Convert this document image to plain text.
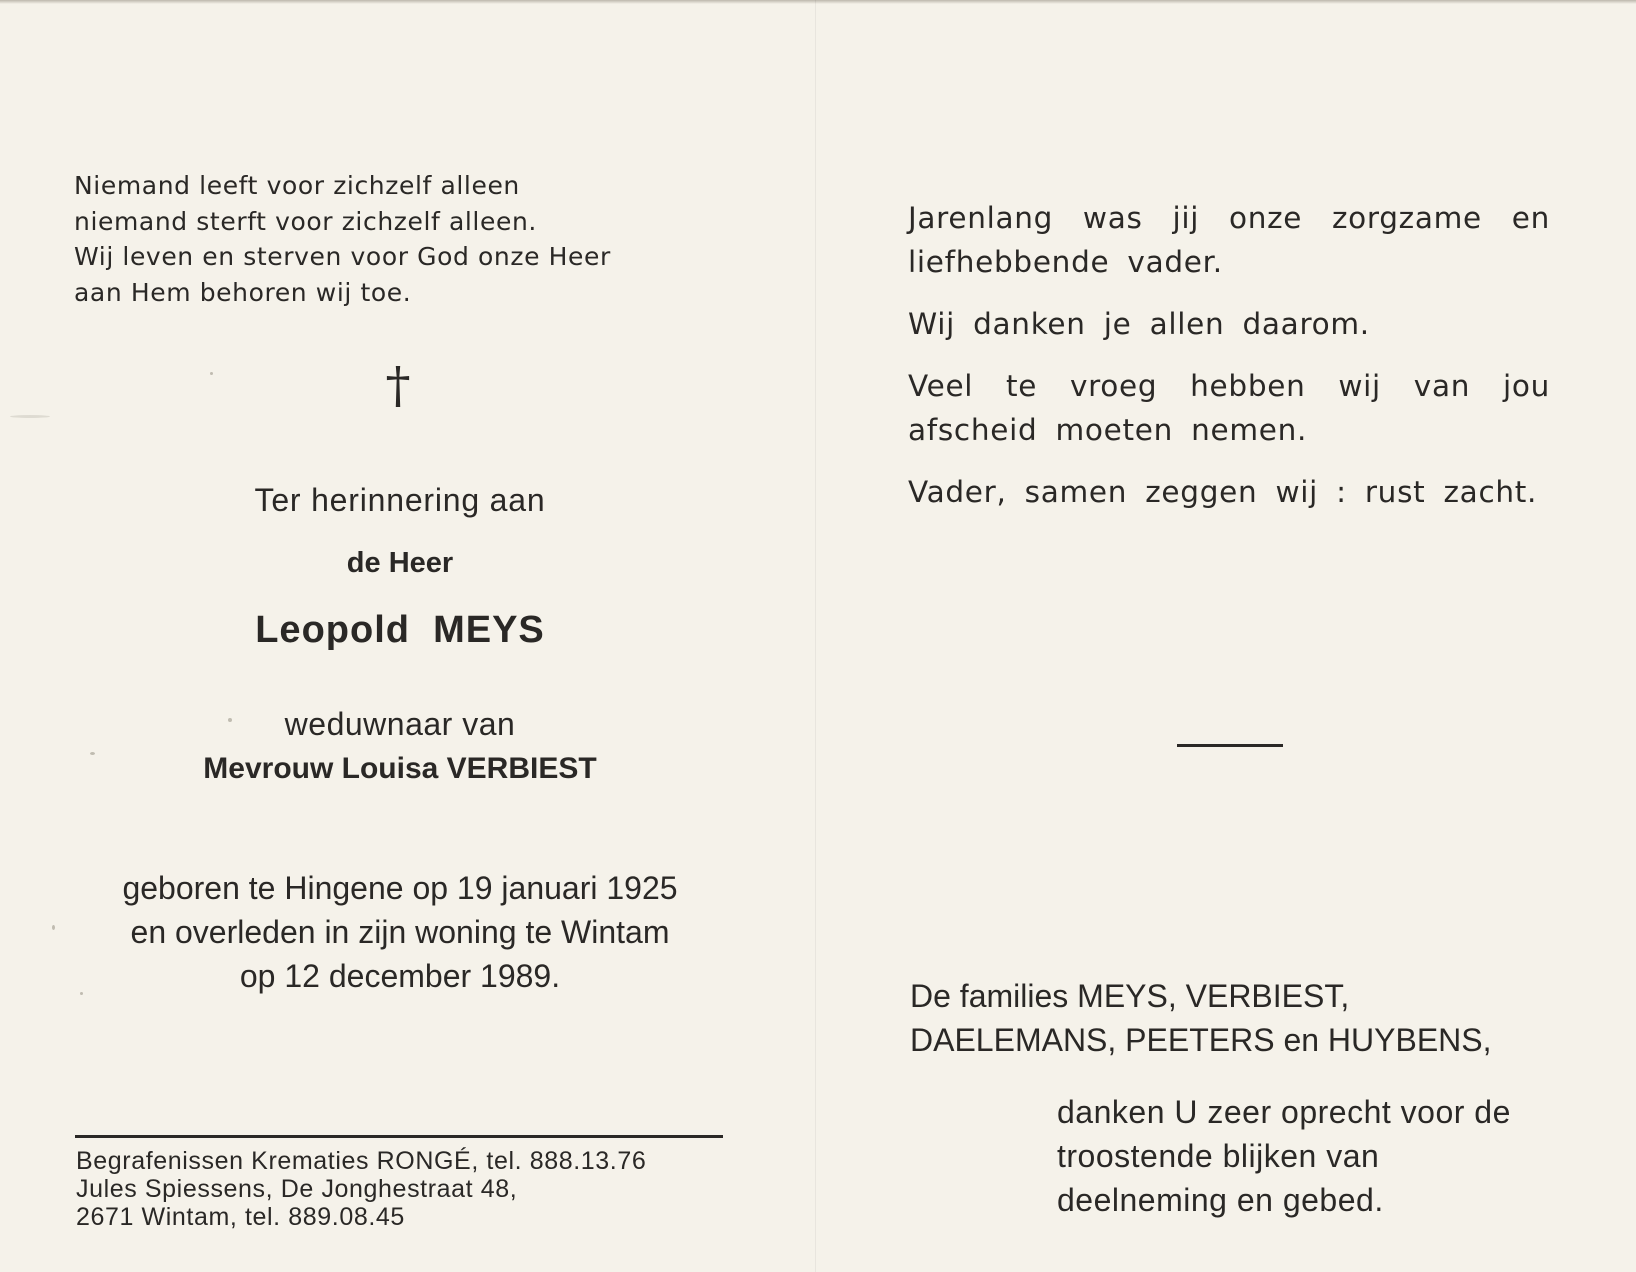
Niemand leeft voor zichzelf alleen
niemand sterft voor zichzelf alleen.
Wij leven en sterven voor God onze Heer
aan Hem behoren wij toe.
†
Ter herinnering aan
de Heer
Leopold  MEYS
weduwnaar van
Mevrouw Louisa VERBIEST
geboren te Hingene op 19 januari 1925
en overleden in zijn woning te Wintam
op 12 december 1989.
Begrafenissen Krematies RONGÉ, tel. 888.13.76
Jules Spiessens, De Jonghestraat 48,
2671 Wintam, tel. 889.08.45

Jarenlang was jij onze zorgzame en liefhebbende vader.

Wij danken je allen daarom.

Veel te vroeg hebben wij van jou afscheid moeten nemen.

Vader, samen zeggen wij : rust zacht.

De families MEYS, VERBIEST,
DAELEMANS, PEETERS en HUYBENS,
danken U zeer oprecht voor de
troostende blijken van
deelneming en gebed.
